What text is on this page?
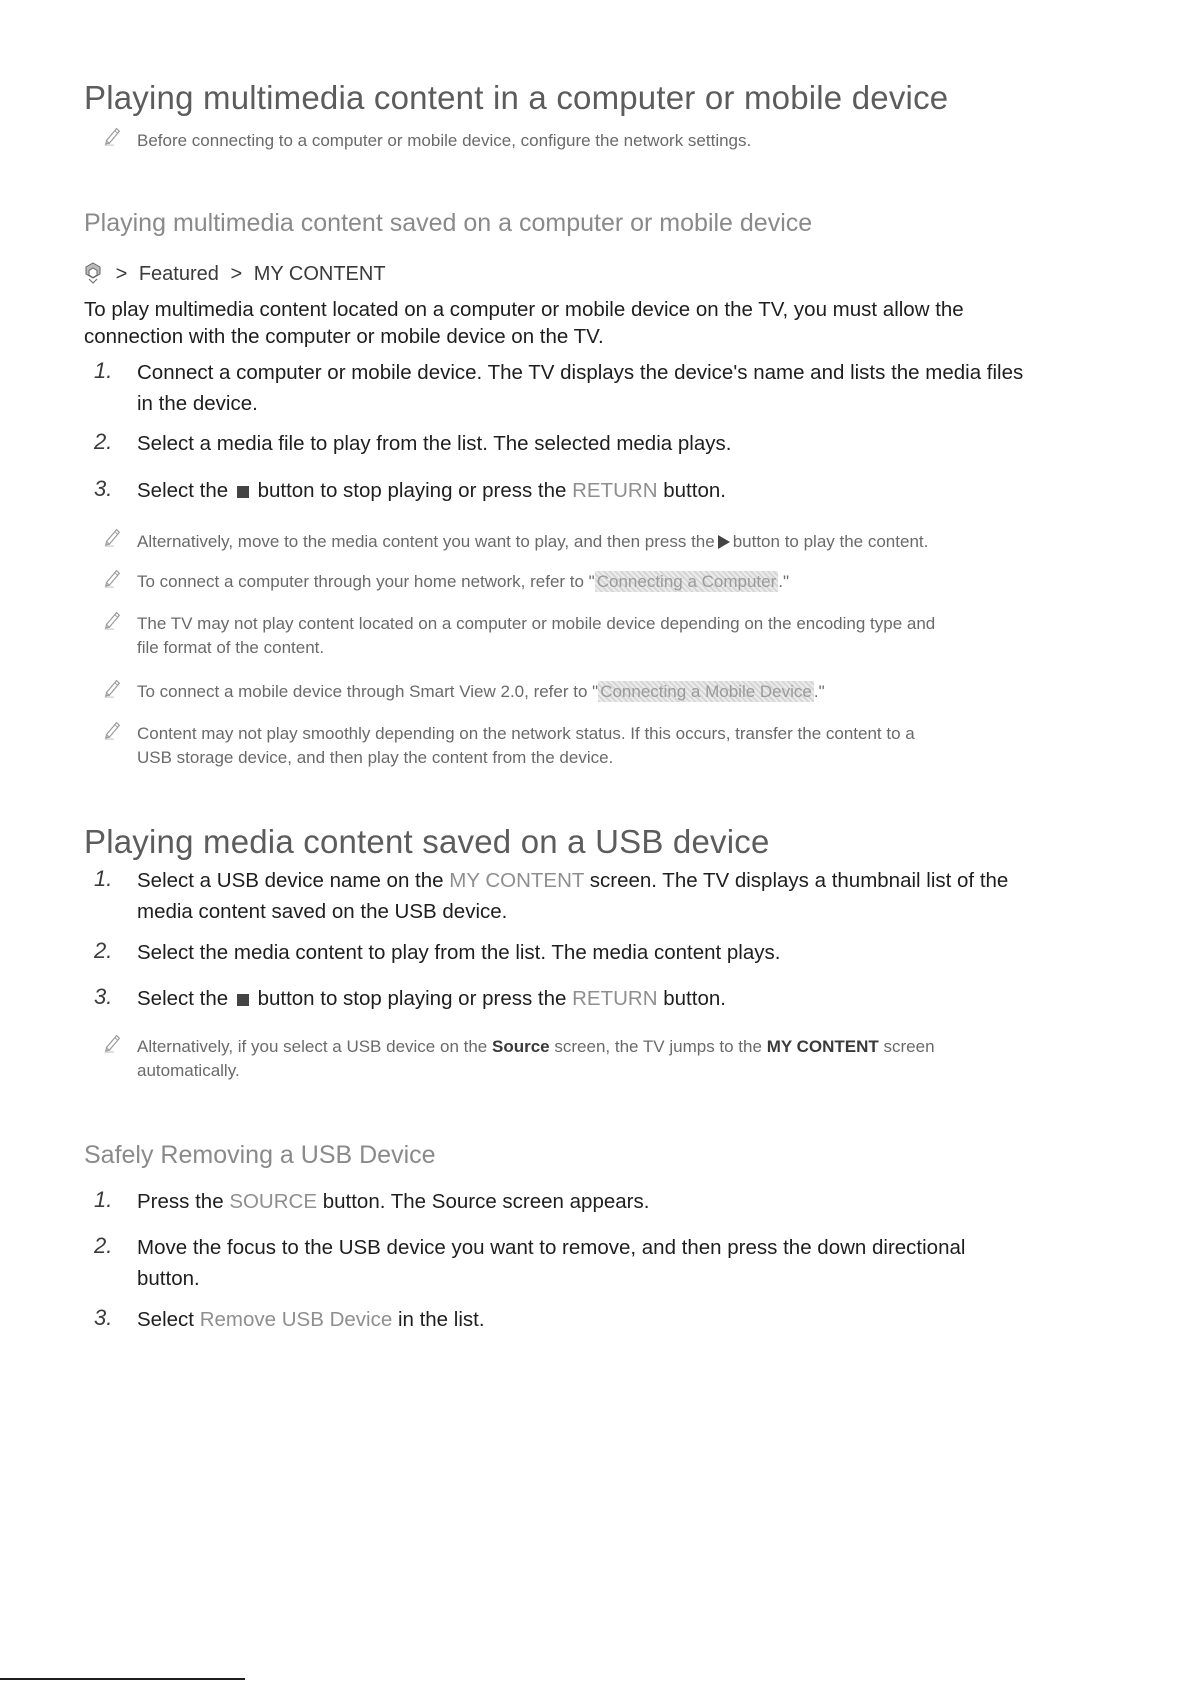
Playing multimedia content in a computer or mobile device
Before connecting to a computer or mobile device, configure the network settings.
Playing multimedia content saved on a computer or mobile device
> Featured > MY CONTENT
To play multimedia content located on a computer or mobile device on the TV, you must allow the
connection with the computer or mobile device on the TV.
1.	Connect a computer or mobile device. The TV displays the device's name and lists the media files
in the device.
2.	Select a media file to play from the list. The selected media plays.
3.	Select the button to stop playing or press the RETURN button.
Alternatively, move to the media content you want to play, and then press the button to play the content.
To connect a computer through your home network, refer to " Connecting a Computer ."
The TV may not play content located on a computer or mobile device depending on the encoding type and
file format of the content.
To connect a mobile device through Smart View 2.0, refer to " Connecting a Mobile Device ."
Content may not play smoothly depending on the network status. If this occurs, transfer the content to a
USB storage device, and then play the content from the device.
Playing media content saved on a USB device
1.	Select a USB device name on the MY CONTENT screen. The TV displays a thumbnail list of the
media content saved on the USB device.
2.	Select the media content to play from the list. The media content plays.
3.	Select the button to stop playing or press the RETURN button.
Alternatively, if you select a USB device on the Source screen, the TV jumps to the MY CONTENT screen
automatically.
Safely Removing a USB Device
1.	Press the SOURCE button. The Source screen appears.
2.	Move the focus to the USB device you want to remove, and then press the down directional
button.
3.	Select Remove USB Device in the list.
